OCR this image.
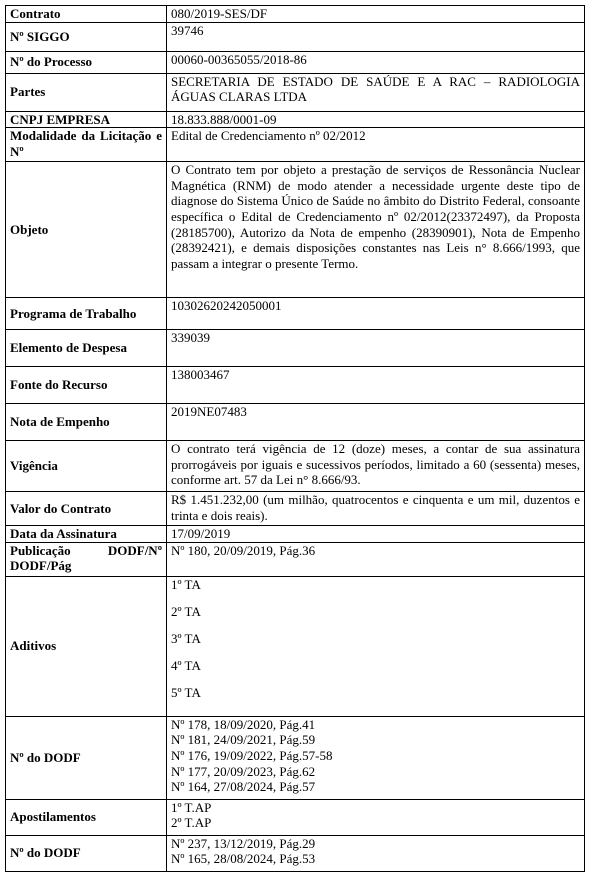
Contrato	080/2019-SES/DF
Nº SIGGO	39746
Nº do Processo	00060-00365055/2018-86
Partes	SECRETARIA DE ESTADO DE SAÚDE E A RAC – RADIOLOGIA ÁGUAS CLARAS LTDA
CNPJ EMPRESA	18.833.888/0001-09
Modalidade da Licitação e Nº	Edital de Credenciamento nº 02/2012
Objeto	O Contrato tem por objeto a prestação de serviços de Ressonância Nuclear Magnética (RNM) de modo atender a necessidade urgente deste tipo de diagnose do Sistema Único de Saúde no âmbito do Distrito Federal, consoante específica o Edital de Credenciamento nº 02/2012(23372497), da Proposta (28185700), Autorizo da Nota de empenho (28390901), Nota de Empenho (28392421), e demais disposições constantes nas Leis n° 8.666/1993, que passam a integrar o presente Termo.
Programa de Trabalho	10302620242050001
Elemento de Despesa	339039
Fonte do Recurso	138003467
Nota de Empenho	2019NE07483
Vigência	O contrato terá vigência de 12 (doze) meses, a contar de sua assinatura prorrogáveis por iguais e sucessivos períodos, limitado a 60 (sessenta) meses, conforme art. 57 da Lei n° 8.666/93.
Valor do Contrato	R$ 1.451.232,00 (um milhão, quatrocentos e cinquenta e um mil, duzentos e trinta e dois reais).
Data da Assinatura	17/09/2019
Publicação DODF/Nº DODF/Pág	Nº 180, 20/09/2019, Pág.36
Aditivos	1º TA
2º TA
3º TA
4º TA
5º TA

Nº do DODF	Nº 178, 18/09/2020, Pág.41
Nº 181, 24/09/2021, Pág.59
Nº 176, 19/09/2022, Pág.57-58
Nº 177, 20/09/2023, Pág.62
Nº 164, 27/08/2024, Pág.57

Apostilamentos	1º T.AP
2º T.AP

Nº do DODF	Nº 237, 13/12/2019, Pág.29
Nº 165, 28/08/2024, Pág.53
